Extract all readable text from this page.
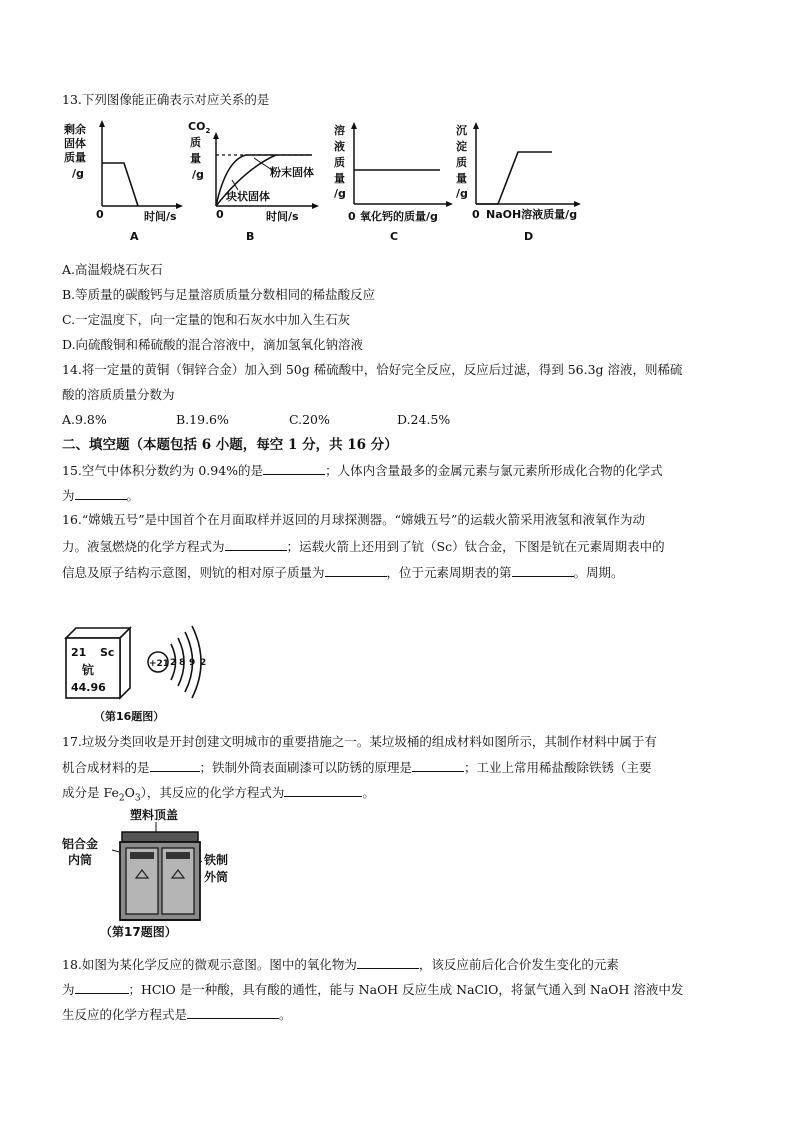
13.下列图像能正确表示对应关系的是
剩余
固体
质量
/g
0	时间/s
A
$CO_2$
质
量
/g
0	时间/s
粉末固体
块状固体
B
溶
液
质
量
/g
0 氧化钙的质量/g
C
沉
淀
质
量
/g
0 NaOH溶液质量/g
D
A.高温煅烧石灰石
B.等质量的碳酸钙与足量溶质质量分数相同的稀盐酸反应
C.一定温度下，向一定量的饱和石灰水中加入生石灰
D.向硫酸铜和稀硫酸的混合溶液中，滴加氢氧化钠溶液
14.将一定量的黄铜（铜锌合金）加入到 50g 稀硫酸中，恰好完全反应，反应后过滤，得到 56.3g 溶液，则稀硫
酸的溶质质量分数为
A.9.8%	B.19.6%	C.20%	D.24.5%
二、填空题（本题包括 6 小题，每空 1 分，共 16 分）
15.空气中体积分数约为 0.94%的是	；人体内含量最多的金属元素与氯元素所形成化合物的化学式
为	。
16.“嫦娥五号”是中国首个在月面取样并返回的月球探测器。“嫦娥五号”的运载火箭采用液氢和液氧作为动
力。液氢燃烧的化学方程式为	；运载火箭上还用到了钪（Sc）钛合金，下图是钪在元素周期表中的
信息及原子结构示意图，则钪的相对原子质量为	，位于元素周期表的第	。周期。
21 Sc
钪
44.96
+21 2 8 9 2
（第16题图）
17.垃圾分类回收是开封创建文明城市的重要措施之一。某垃圾桶的组成材料如图所示，其制作材料中属于有
机合成材料的是	；铁制外筒表面刷漆可以防锈的原理是	；工业上常用稀盐酸除铁锈（主要
成分是 $Fe_2O_3$），其反应的化学方程式为	。
塑料顶盖
铝合金
内筒	铁制
外筒
（第17题图）
18.如图为某化学反应的微观示意图。图中的氧化物为	，该反应前后化合价发生变化的元素
为	；HClO 是一种酸，具有酸的通性，能与 NaOH 反应生成 NaClO，将氯气通入到 NaOH 溶液中发
生反应的化学方程式是	。
